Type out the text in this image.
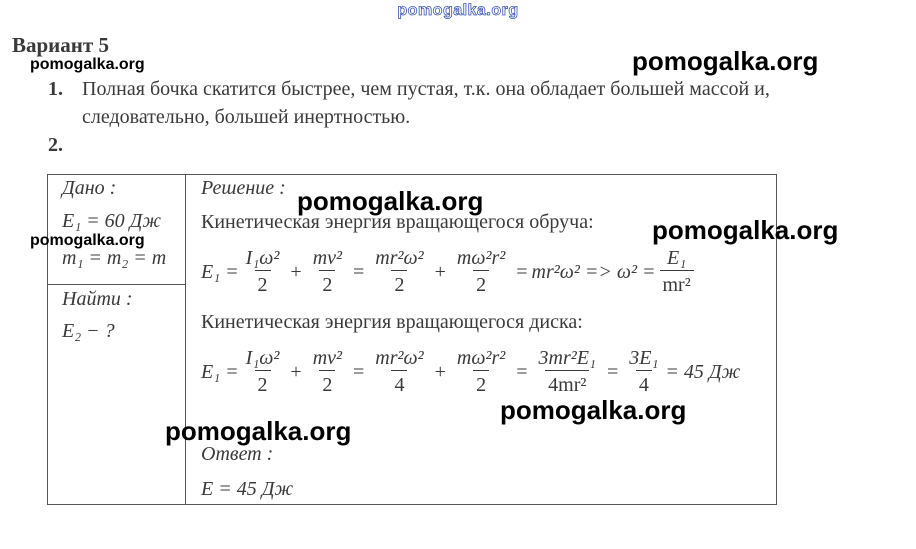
pomogalka.org
Вариант 5
1. Полная бочка скатится быстрее, чем пустая, т.к. она обладает большей массой и,
следовательно, большей инертностью.
2.
Дано :
E₁ = 60 Дж
m₁ = m₂ = m
Найти :
E₂ − ?
Решение :
Кинетическая энергия вращающегося обруча:
$E_1 = \frac{\text{I₁ω²}}{2} + \frac{\text{mv²}}{2} = \frac{\text{mr²ω²}}{2} + \frac{\text{mω²r²}}{2} = mr^2\omega^2 => \omega^2 = \frac{\text{E₁}}{\text{mr²}}$
Кинетическая энергия вращающегося диска:
$E_1 = \frac{\text{I₁ω²}}{2} + \frac{\text{mv²}}{2} = \frac{\text{mr²ω²}}{4} + \frac{\text{mω²r²}}{2} = \frac{\text{3mr²E₁}}{\text{4mr²}} = \frac{\text{3E₁}}{4} = 45$ Дж
Ответ :
E = 45 Дж
pomogalka.org	pomogalka.org
pomogalka.org
pomogalka.org	pomogalka.org
pomogalka.org
pomogalka.org
